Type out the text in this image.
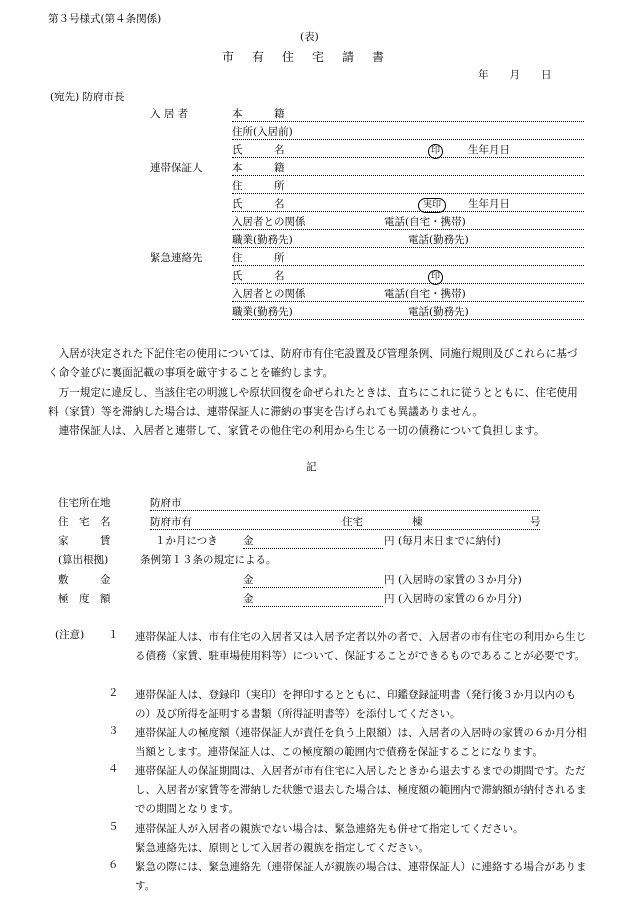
第３号様式(第４条関係)
(表)
市　有　住　宅　請　書
年　　月　　日
(宛先) 防府市長
入 居 者	本　　　籍
住所(入居前)
氏　　　名	印	生年月日
連帯保証人	本　　　籍
住　　　所
氏　　　名	実印	生年月日
入居者との関係	電話(自宅・携帯)
職業(勤務先)	電話(勤務先)
緊急連絡先	住　　　所
氏　　　名	印
入居者との関係	電話(自宅・携帯)
職業(勤務先)	電話(勤務先)
入居が決定された下記住宅の使用については、防府市有住宅設置及び管理条例、同施行規則及びこれらに基づく命令並びに裏面記載の事項を厳守することを確約します。
万一規定に違反し、当該住宅の明渡しや原状回復を命ぜられたときは、直ちにこれに従うとともに、住宅使用料（家賃）等を滞納した場合は、連帯保証人に滞納の事実を告げられても異議ありません。
連帯保証人は、入居者と連帯して、家賃その他住宅の利用から生じる一切の債務について負担します。
記
住宅所在地	防府市
住　宅　名	防府市有	住宅	棟	号
家　　　賃	１か月につき 金	円 (毎月末日までに納付)
(算出根拠)	条例第１３条の規定による。
敷　　　金	金	円 (入居時の家賃の３か月分)
極　度　額	金	円 (入居時の家賃の６か月分)
(注意) １ 連帯保証人は、市有住宅の入居者又は入居予定者以外の者で、入居者の市有住宅の利用から生じる債務（家賃、駐車場使用料等）について、保証することができるものであることが必要です。
２ 連帯保証人は、登録印（実印）を押印するとともに、印鑑登録証明書（発行後３か月以内のもの）及び所得を証明する書類（所得証明書等）を添付してください。
３ 連帯保証人の極度額（連帯保証人が責任を負う上限額）は、入居者の入居時の家賃の６か月分相当額とします。連帯保証人は、この極度額の範囲内で債務を保証することになります。
４ 連帯保証人の保証期間は、入居者が市有住宅に入居したときから退去するまでの期間です。ただし、入居者が家賃等を滞納した状態で退去した場合は、極度額の範囲内で滞納額が納付されるまでの期間となります。
５ 連帯保証人が入居者の親族でない場合は、緊急連絡先も併せて指定してください。
緊急連絡先は、原則として入居者の親族を指定してください。
６ 緊急の際には、緊急連絡先（連帯保証人が親族の場合は、連帯保証人）に連絡する場合があります。
